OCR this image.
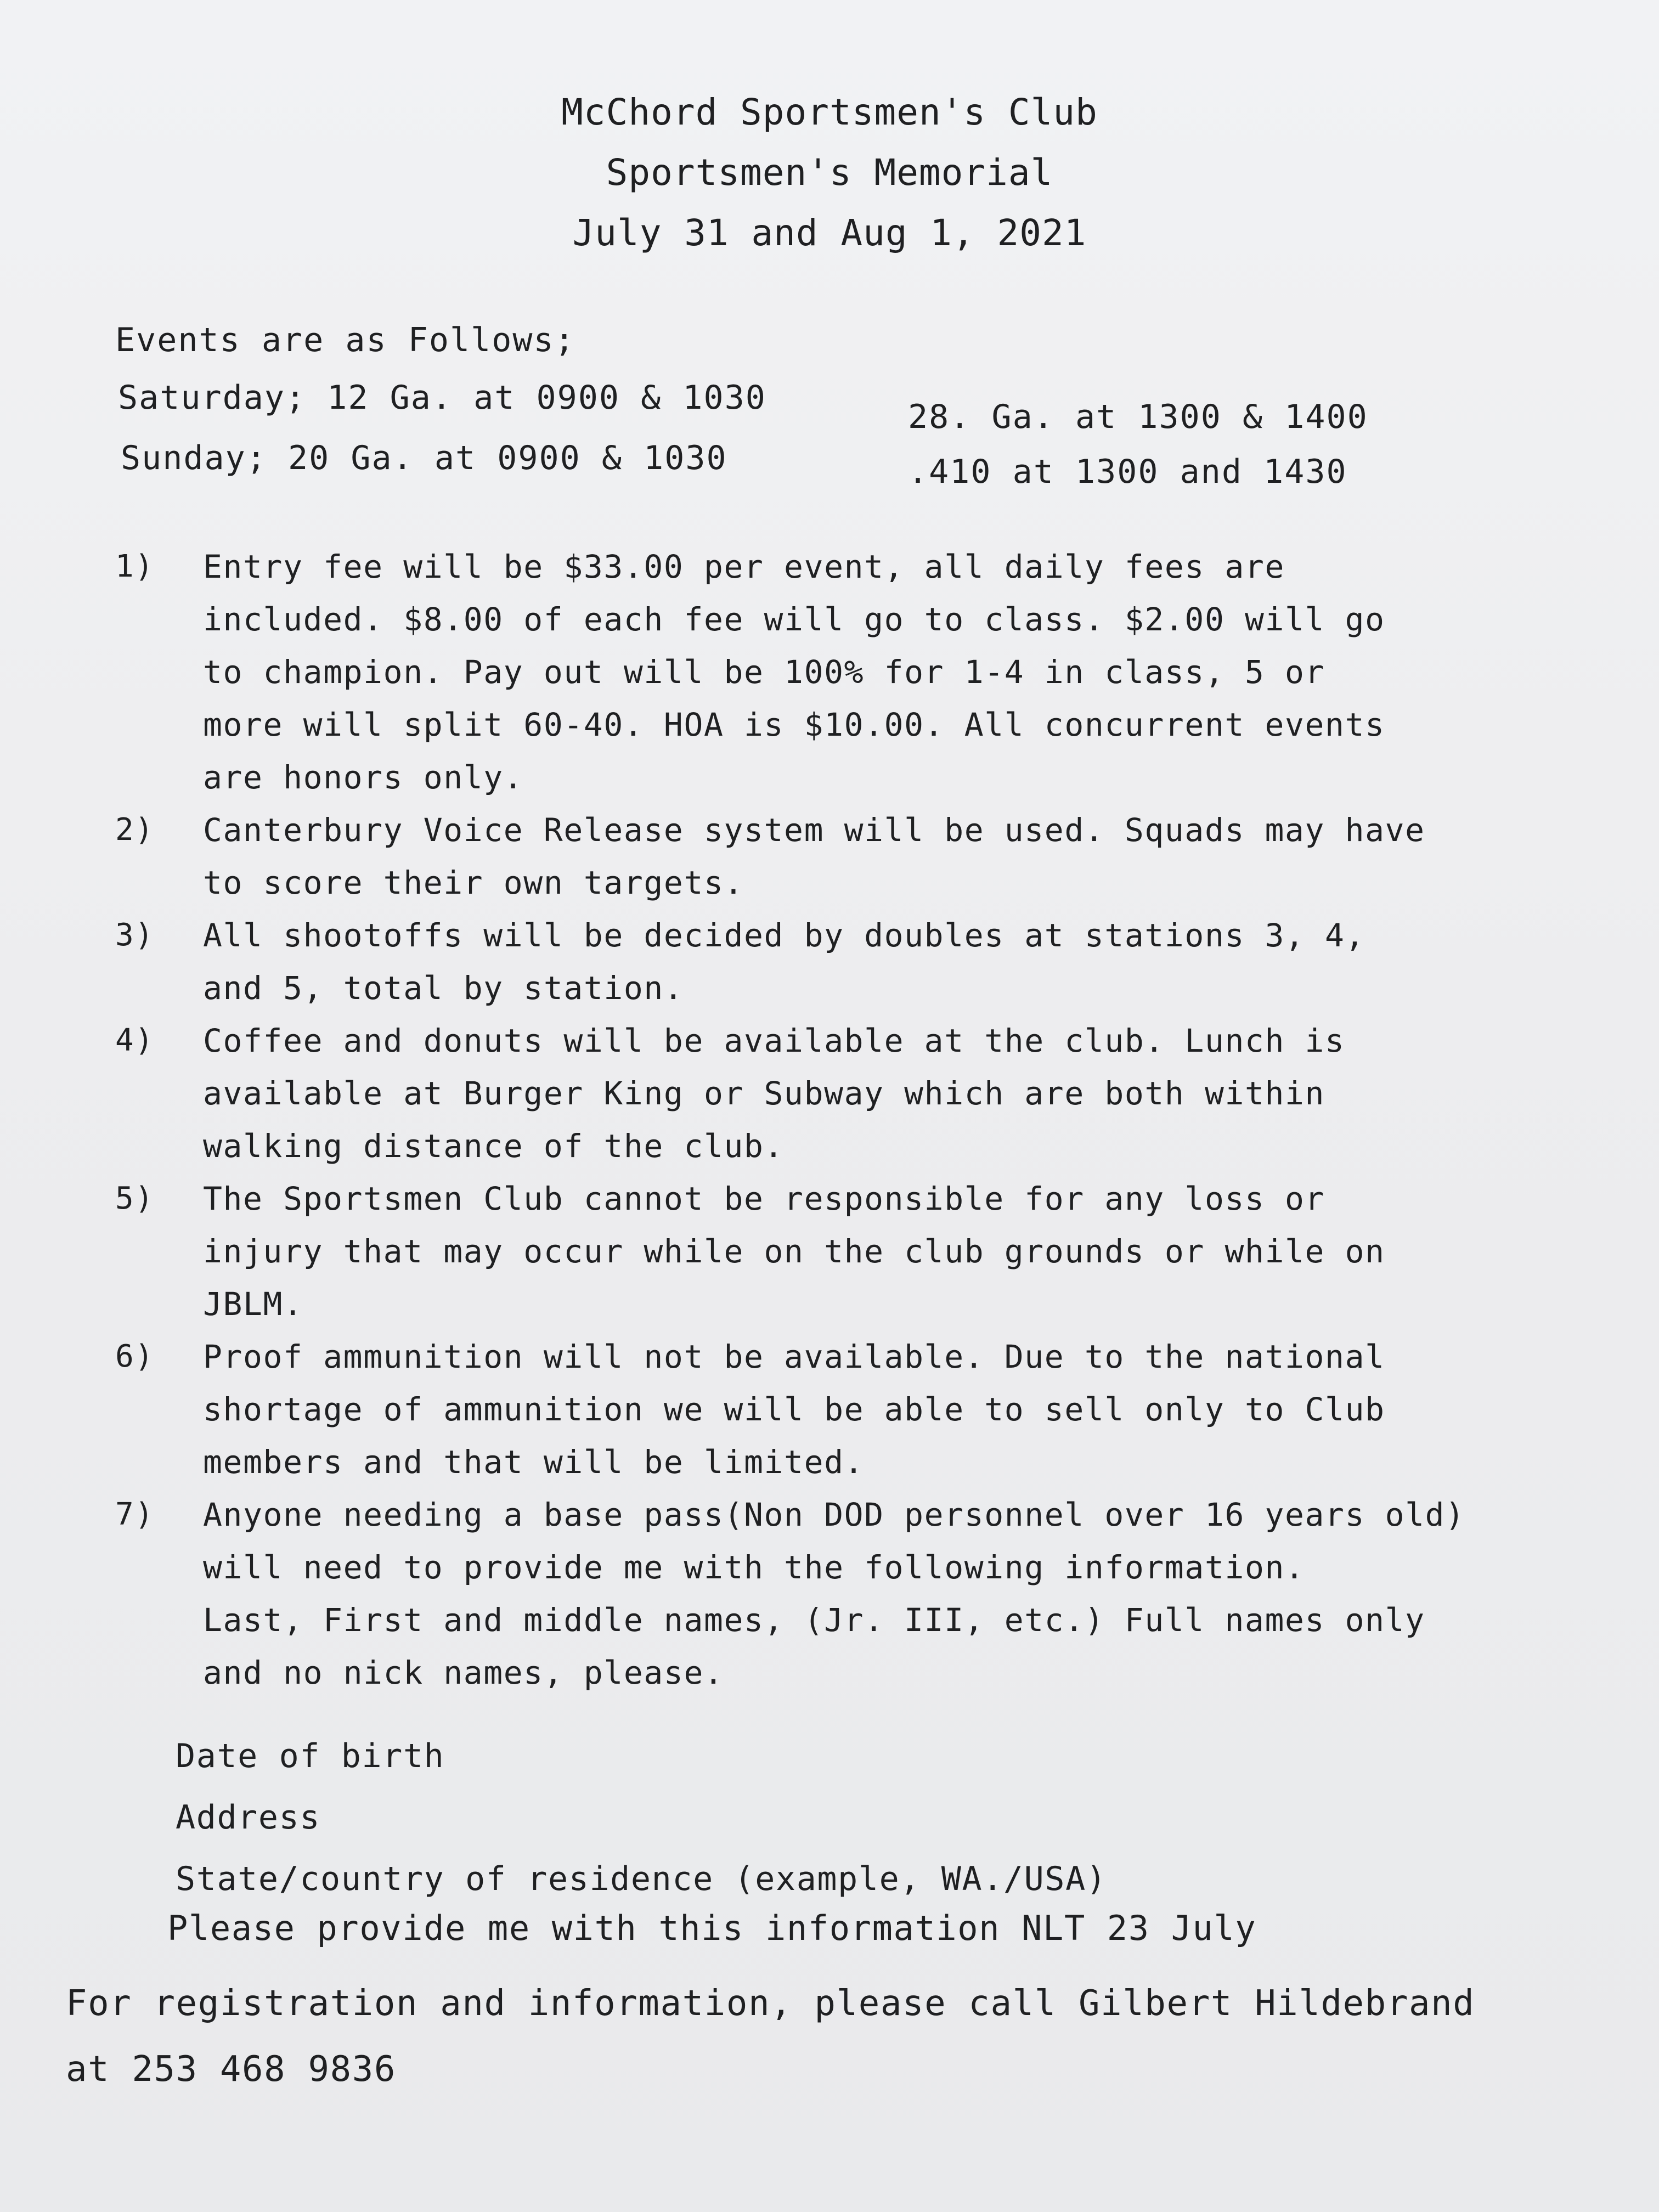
McChord Sportsmen's Club
Sportsmen's Memorial
July 31 and Aug 1, 2021
Events are as Follows;
Saturday; 12 Ga. at 0900 & 1030	28. Ga. at 1300 & 1400
Sunday; 20 Ga. at 0900 & 1030	.410 at 1300 and 1430
1)	Entry fee will be $33.00 per event, all daily fees are
included. $8.00 of each fee will go to class. $2.00 will go
to champion. Pay out will be 100% for 1-4 in class, 5 or
more will split 60-40. HOA is $10.00. All concurrent events
are honors only.
2)	Canterbury Voice Release system will be used. Squads may have
to score their own targets.
3)	All shootoffs will be decided by doubles at stations 3, 4,
and 5, total by station.
4)	Coffee and donuts will be available at the club. Lunch is
available at Burger King or Subway which are both within
walking distance of the club.
5)	The Sportsmen Club cannot be responsible for any loss or
injury that may occur while on the club grounds or while on
JBLM.
6)	Proof ammunition will not be available. Due to the national
shortage of ammunition we will be able to sell only to Club
members and that will be limited.
7)	Anyone needing a base pass(Non DOD personnel over 16 years old)
will need to provide me with the following information.
Last, First and middle names, (Jr. III, etc.) Full names only
and no nick names, please.
Date of birth
Address
State/country of residence (example, WA./USA)
Please provide me with this information NLT 23 July
For registration and information, please call Gilbert Hildebrand
at 253 468 9836
